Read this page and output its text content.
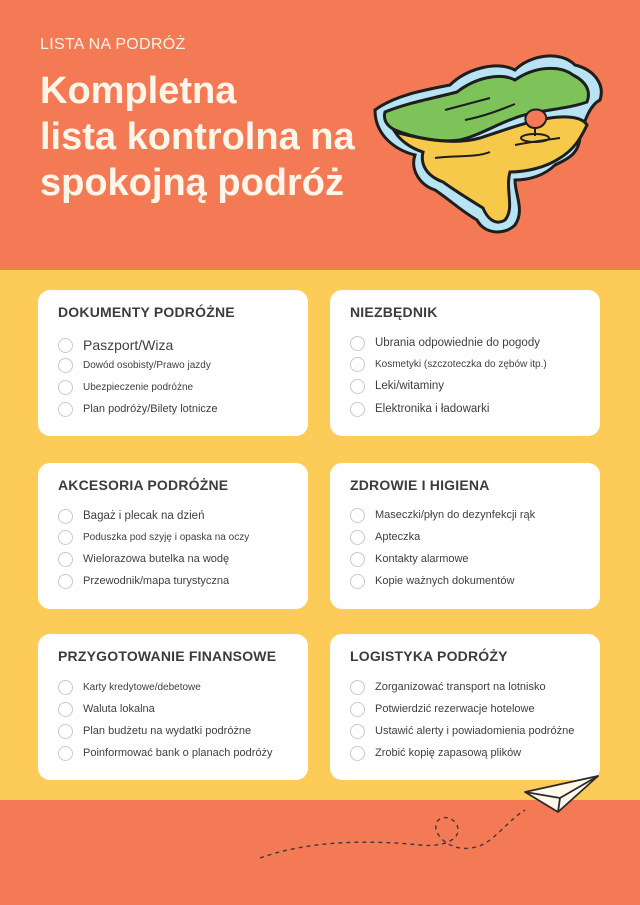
LISTA NA PODRÓŻ
Kompletna
lista kontrolna na
spokojną podróż
DOKUMENTY PODRÓŻNE
Paszport/Wiza
Dowód osobisty/Prawo jazdy
Ubezpieczenie podróżne
Plan podróży/Bilety lotnicze
NIEZBĘDNIK
Ubrania odpowiednie do pogody
Kosmetyki (szczoteczka do zębów itp.)
Leki/witaminy
Elektronika i ładowarki
AKCESORIA PODRÓŻNE
Bagaż i plecak na dzień
Poduszka pod szyję i opaska na oczy
Wielorazowa butelka na wodę
Przewodnik/mapa turystyczna
ZDROWIE I HIGIENA
Maseczki/płyn do dezynfekcji rąk
Apteczka
Kontakty alarmowe
Kopie ważnych dokumentów
PRZYGOTOWANIE FINANSOWE
Karty kredytowe/debetowe
Waluta lokalna
Plan budżetu na wydatki podróżne
Poinformować bank o planach podróży
LOGISTYKA PODRÓŻY
Zorganizować transport na lotnisko
Potwierdzić rezerwacje hotelowe
Ustawić alerty i powiadomienia podróżne
Zrobić kopię zapasową plików
